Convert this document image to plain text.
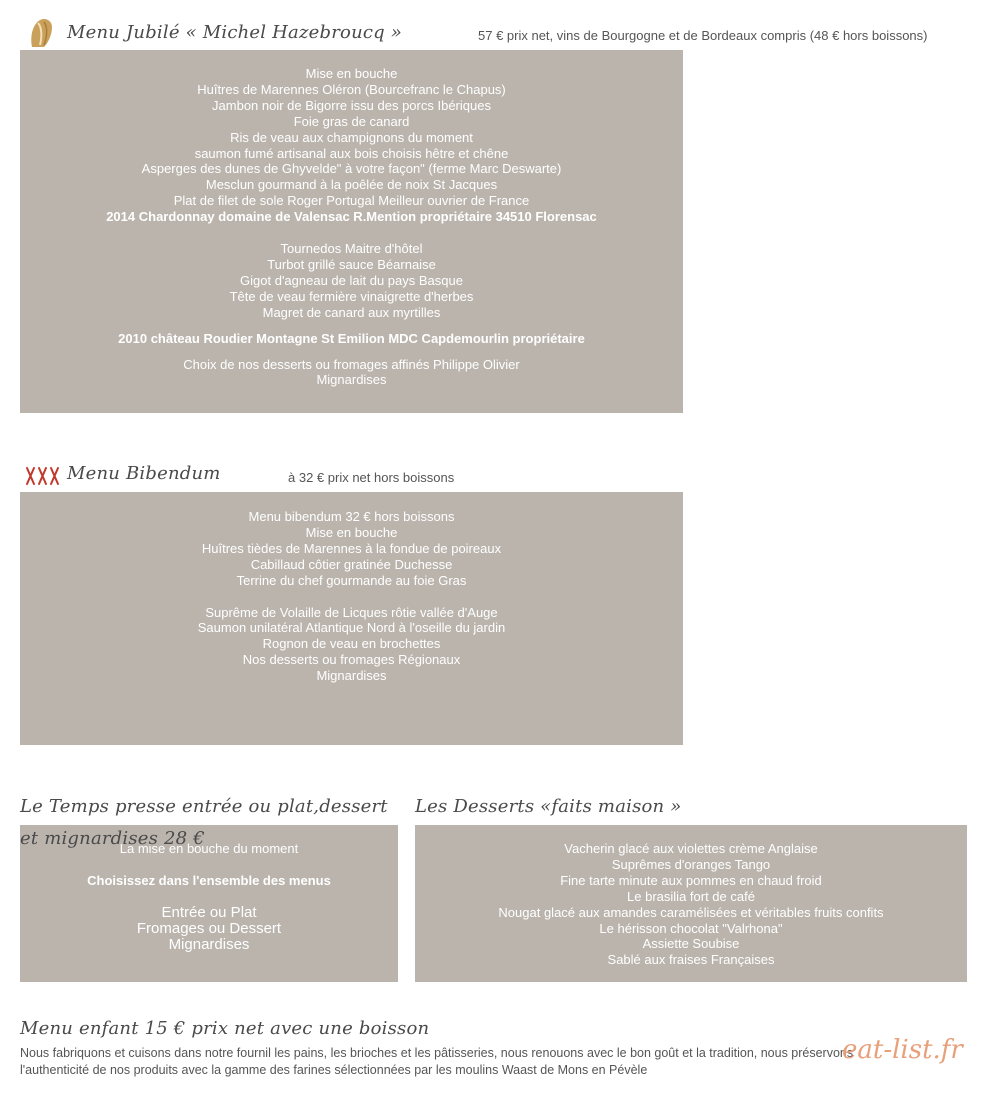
Menu Jubilé « Michel Hazebroucq »	57 € prix net, vins de Bourgogne et de Bordeaux compris (48 € hors boissons)
Mise en bouche
Huîtres de Marennes Oléron (Bourcefranc le Chapus)
Jambon noir de Bigorre issu des porcs Ibériques
Foie gras de canard
Ris de veau aux champignons du moment
saumon fumé artisanal aux bois choisis hêtre et chêne
Asperges des dunes de Ghyvelde" à votre façon" (ferme Marc Deswarte)
Mesclun gourmand à la poêlée de noix St Jacques
Plat de filet de sole Roger Portugal Meilleur ouvrier de France
2014 Chardonnay domaine de Valensac R.Mention propriétaire 34510 Florensac
Tournedos Maitre d'hôtel
Turbot grillé sauce Béarnaise
Gigot d'agneau de lait du pays Basque
Tête de veau fermière vinaigrette d'herbes
Magret de canard aux myrtilles
2010 château Roudier Montagne St Emilion MDC Capdemourlin propriétaire
Choix de nos desserts ou fromages affinés Philippe Olivier
Mignardises
Menu Bibendum	à 32 € prix net hors boissons
Menu bibendum 32 € hors boissons
Mise en bouche
Huîtres tièdes de Marennes à la fondue de poireaux
Cabillaud côtier gratinée Duchesse
Terrine du chef gourmande au foie Gras
Suprême de Volaille de Licques rôtie vallée d'Auge
Saumon unilatéral Atlantique Nord à l'oseille du jardin
Rognon de veau en brochettes
Nos desserts ou fromages Régionaux
Mignardises
La mise en bouche du moment
Choisissez dans l'ensemble des menus
Entrée ou Plat
Fromages ou Dessert
Mignardises
Le Temps presse entrée ou plat,dessert
et mignardises 28 €
Les Desserts «faits maison »
Vacherin glacé aux violettes crème Anglaise
Suprêmes d'oranges Tango
Fine tarte minute aux pommes en chaud froid
Le brasilia fort de café
Nougat glacé aux amandes caramélisées et véritables fruits confits
Le hérisson chocolat "Valrhona"
Assiette Soubise
Sablé aux fraises Françaises
Menu enfant 15 € prix net avec une boisson
Nous fabriquons et cuisons dans notre fournil les pains, les brioches et les pâtisseries, nous renouons avec le bon goût et la tradition, nous préservons
l'authenticité de nos produits avec la gamme des farines sélectionnées par les moulins Waast de Mons en Pévèle
eat-list.fr
